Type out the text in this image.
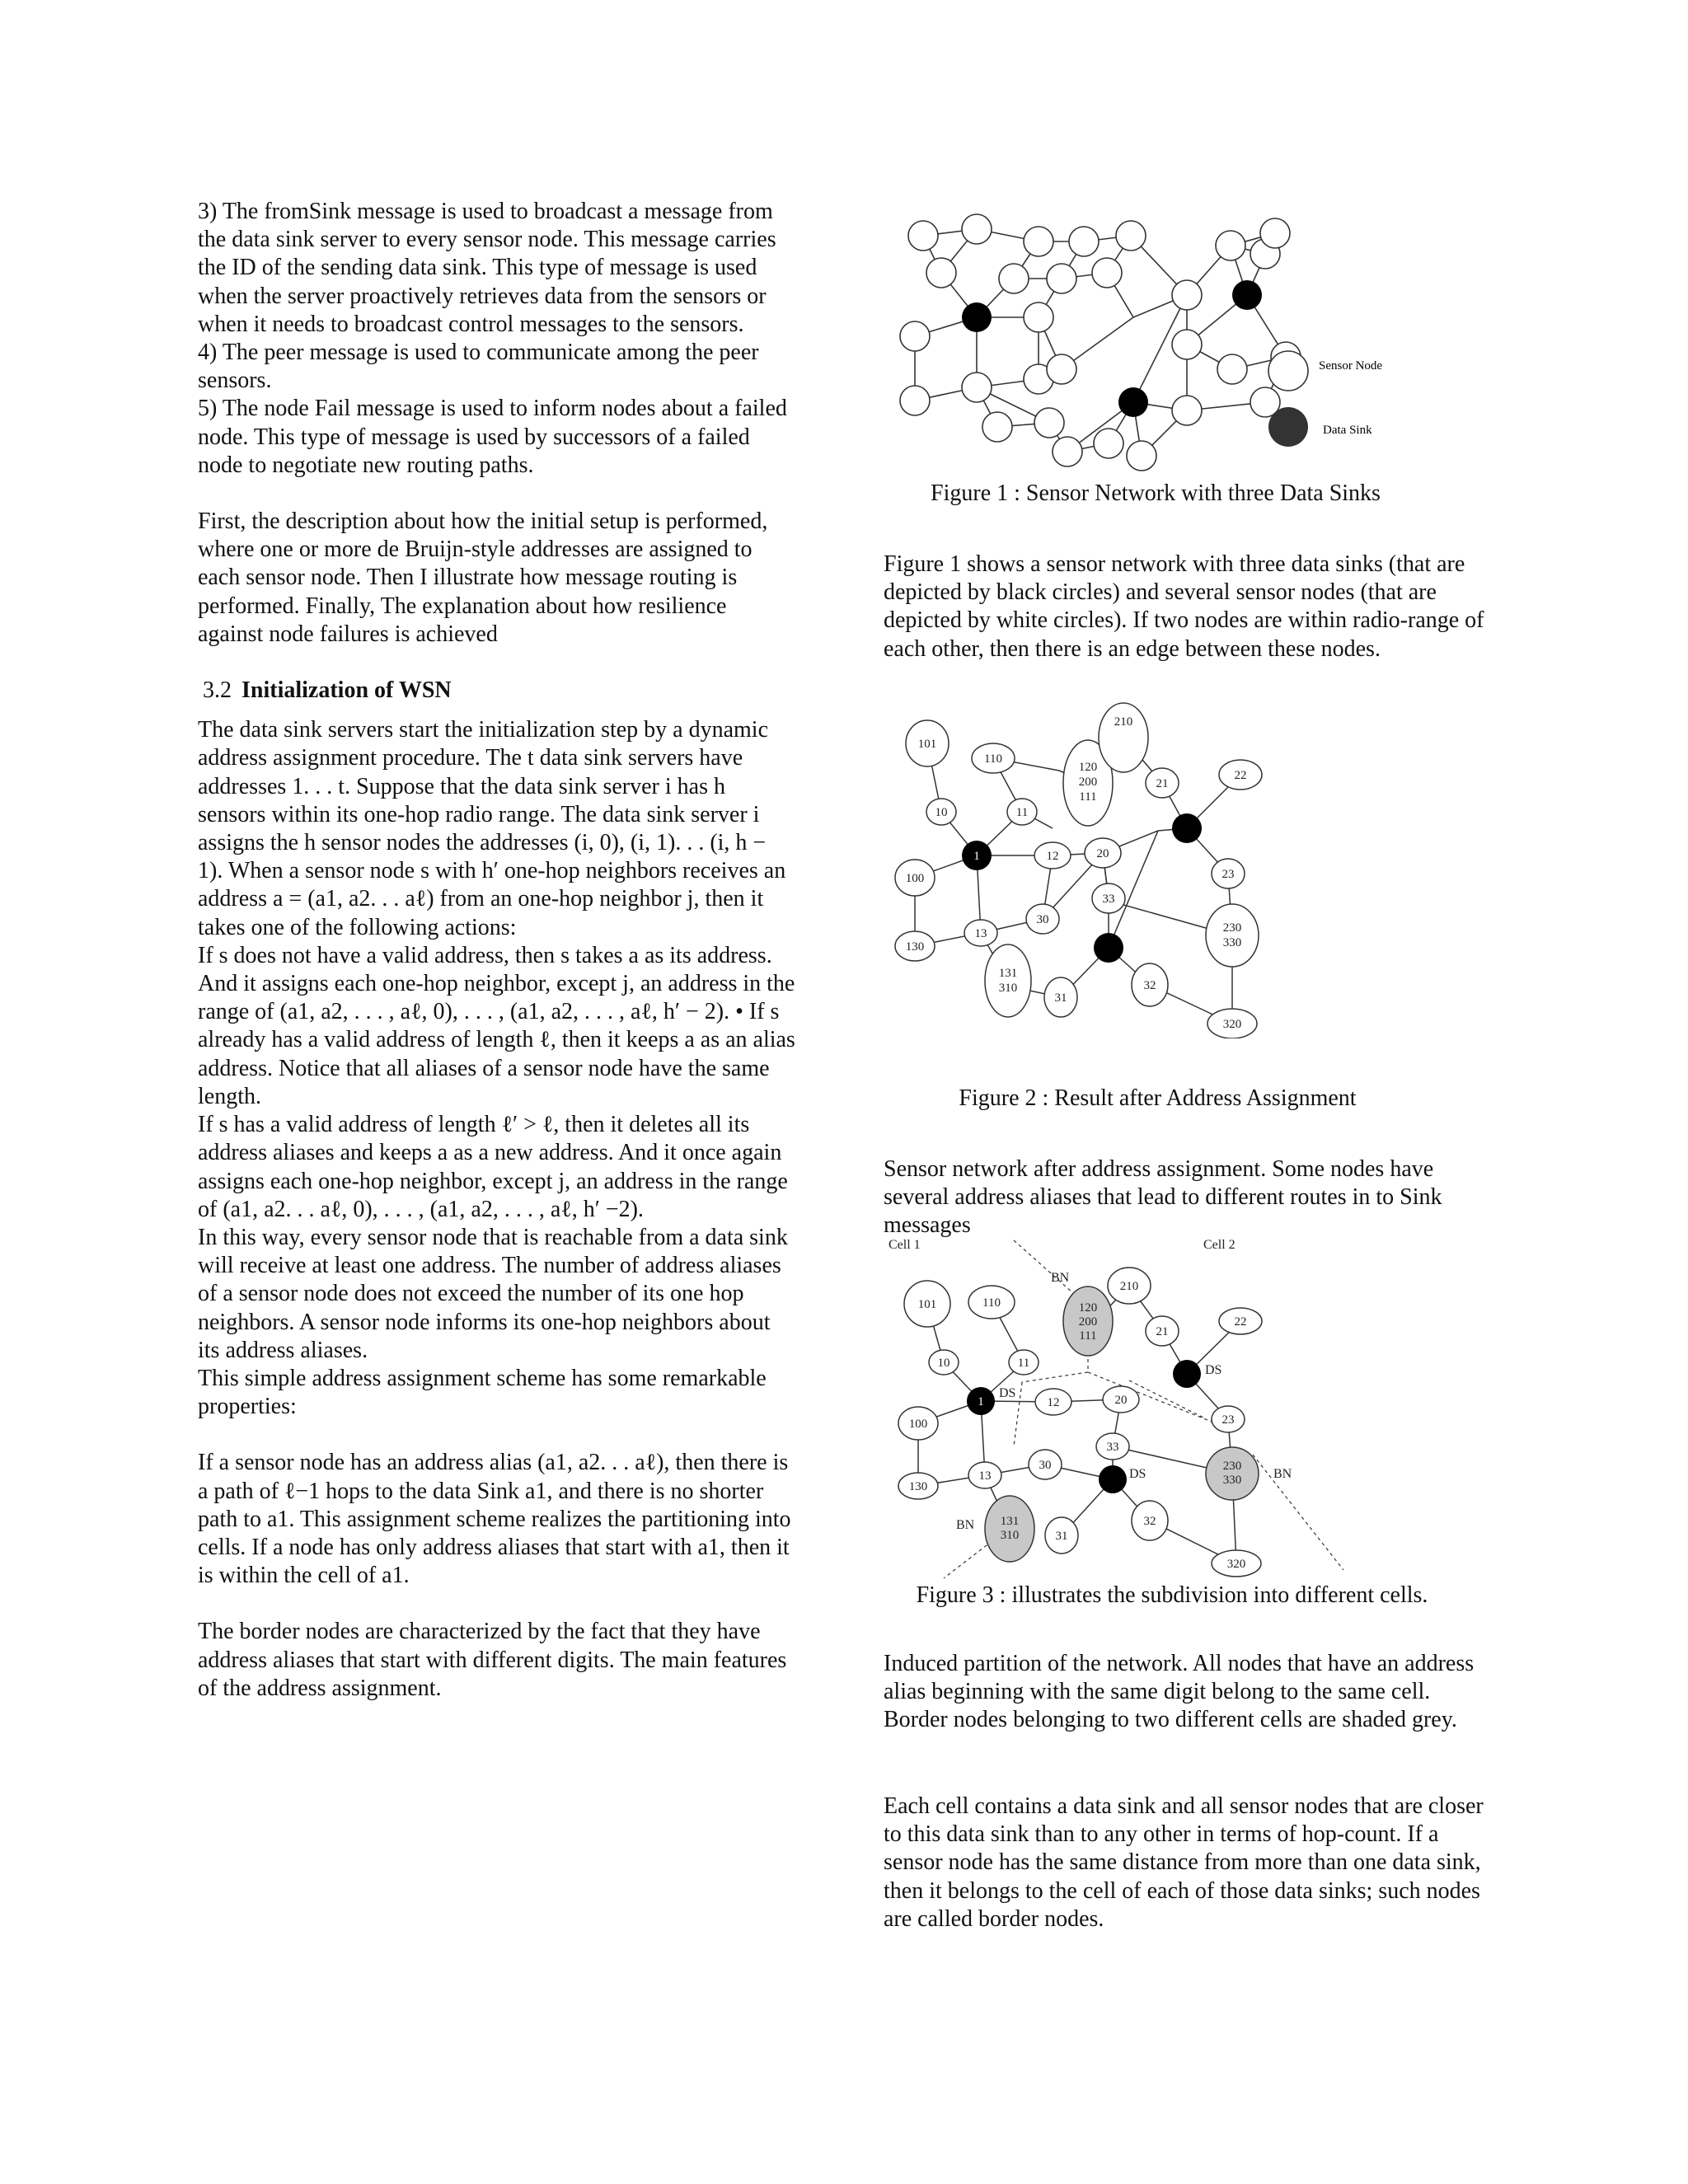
3) The fromSink message is used to broadcast a message from the data sink server to every sensor node. This message carries the ID of the sending data sink. This type of message is used when the server proactively retrieves data from the sensors or when it needs to broadcast control messages to the sensors.

4) The peer message is used to communicate among the peer sensors.

5) The node Fail message is used to inform nodes about a failed node. This type of message is used by successors of a failed node to negotiate new routing paths.

First, the description about how the initial setup is performed, where one or more de Bruijn-style addresses are assigned to each sensor node. Then I illustrate how message routing is performed. Finally, The explanation about how resilience against node failures is achieved

3.2 Initialization of WSN

The data sink servers start the initialization step by a dynamic address assignment procedure. The t data sink servers have addresses 1. . . t. Suppose that the data sink server i has h sensors within its one-hop radio range. The data sink server i assigns the h sensor nodes the addresses (i, 0), (i, 1). . . (i, h − 1). When a sensor node s with h′ one-hop neighbors receives an address a = (a1, a2. . . aℓ) from an one-hop neighbor j, then it takes one of the following actions:

If s does not have a valid address, then s takes a as its address. And it assigns each one-hop neighbor, except j, an address in the range of (a1, a2, . . . , aℓ, 0), . . . , (a1, a2, . . . , aℓ, h′ − 2). • If s already has a valid address of length ℓ, then it keeps a as an alias address. Notice that all aliases of a sensor node have the same length.

If s has a valid address of length ℓ′ > ℓ, then it deletes all its address aliases and keeps a as a new address. And it once again assigns each one-hop neighbor, except j, an address in the range of (a1, a2. . . aℓ, 0), . . . , (a1, a2, . . . , aℓ, h′ −2).

In this way, every sensor node that is reachable from a data sink will receive at least one address. The number of address aliases of a sensor node does not exceed the number of its one hop neighbors. A sensor node informs its one-hop neighbors about its address aliases.

This simple address assignment scheme has some remarkable properties:

If a sensor node has an address alias (a1, a2. . . aℓ), then there is a path of ℓ−1 hops to the data Sink a1, and there is no shorter path to a1. This assignment scheme realizes the partitioning into cells. If a node has only address aliases that start with a1, then it is within the cell of a1.

The border nodes are characterized by the fact that they have address aliases that start with different digits. The main features of the address assignment.

Sensor Node
Data Sink
Figure 1 : Sensor Network with three Data Sinks

Figure 1 shows a sensor network with three data sinks (that are depicted by black circles) and several sensor nodes (that are depicted by white circles). If two nodes are within radio-range of each other, then there is an edge between these nodes.

101
110
10	11
120
200
111
210
21
22
1	12	20
100	23
33
30
13	230
330
130
131
310
31
32
320
Figure 2 : Result after Address Assignment

Sensor network after address assignment. Some nodes have several address aliases that lead to different routes in to Sink messages

101	110
10	11
120
200
111
210
21
22
1	12	20
100	23
33
30
13
230
330
130
131
310	31
32
320
Cell 1	Cell 2
BN
BN
BN
DS
DS
DS
Figure 3 : illustrates the subdivision into different cells.

Induced partition of the network. All nodes that have an address alias beginning with the same digit belong to the same cell. Border nodes belonging to two different cells are shaded grey.

Each cell contains a data sink and all sensor nodes that are closer to this data sink than to any other in terms of hop-count. If a sensor node has the same distance from more than one data sink, then it belongs to the cell of each of those data sinks; such nodes are called border nodes.
